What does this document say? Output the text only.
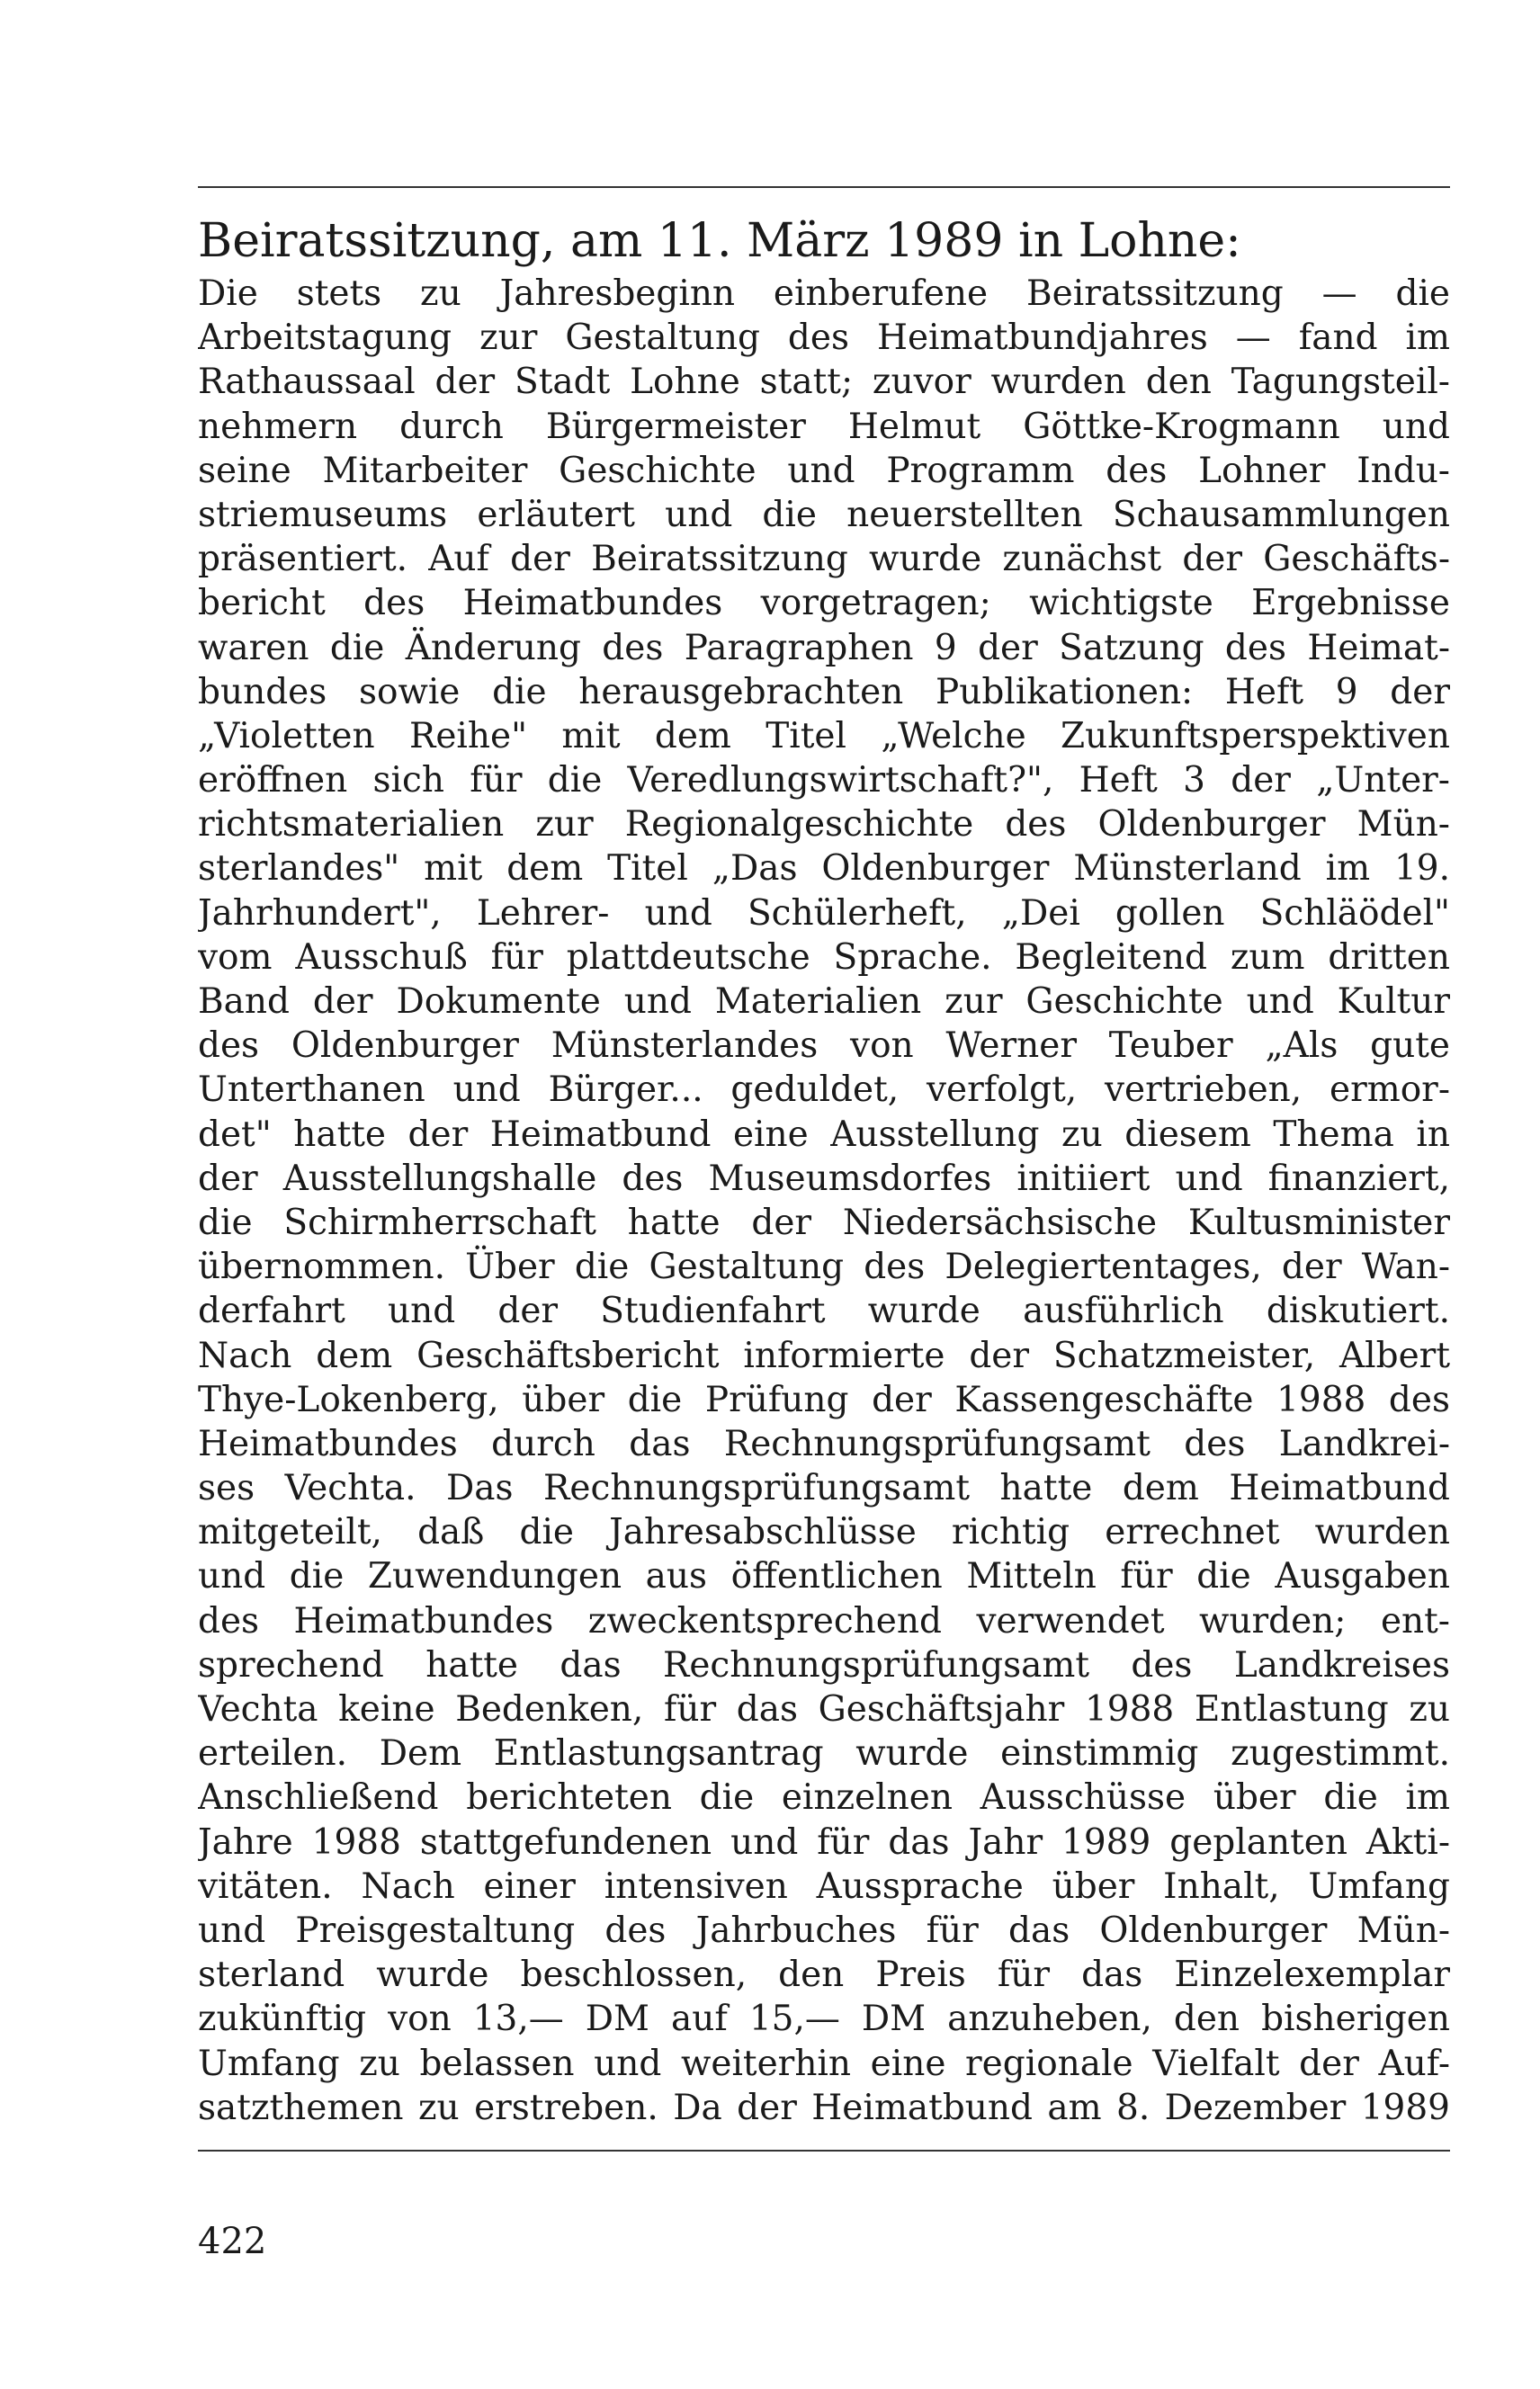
Beiratssitzung, am 11. März 1989 in Lohne:
Die stets zu Jahresbeginn einberufene Beiratssitzung — die
Arbeitstagung zur Gestaltung des Heimatbundjahres — fand im
Rathaussaal der Stadt Lohne statt; zuvor wurden den Tagungsteil-
nehmern durch Bürgermeister Helmut Göttke-Krogmann und
seine Mitarbeiter Geschichte und Programm des Lohner Indu-
striemuseums erläutert und die neuerstellten Schausammlungen
präsentiert. Auf der Beiratssitzung wurde zunächst der Geschäfts-
bericht des Heimatbundes vorgetragen; wichtigste Ergebnisse
waren die Änderung des Paragraphen 9 der Satzung des Heimat-
bundes sowie die herausgebrachten Publikationen: Heft 9 der
„Violetten Reihe" mit dem Titel „Welche Zukunftsperspektiven
eröffnen sich für die Veredlungswirtschaft?", Heft 3 der „Unter-
richtsmaterialien zur Regionalgeschichte des Oldenburger Mün-
sterlandes" mit dem Titel „Das Oldenburger Münsterland im 19.
Jahrhundert", Lehrer- und Schülerheft, „Dei gollen Schläödel"
vom Ausschuß für plattdeutsche Sprache. Begleitend zum dritten
Band der Dokumente und Materialien zur Geschichte und Kultur
des Oldenburger Münsterlandes von Werner Teuber „Als gute
Unterthanen und Bürger... geduldet, verfolgt, vertrieben, ermor-
det" hatte der Heimatbund eine Ausstellung zu diesem Thema in
der Ausstellungshalle des Museumsdorfes initiiert und finanziert,
die Schirmherrschaft hatte der Niedersächsische Kultusminister
übernommen. Über die Gestaltung des Delegiertentages, der Wan-
derfahrt und der Studienfahrt wurde ausführlich diskutiert.
Nach dem Geschäftsbericht informierte der Schatzmeister, Albert
Thye-Lokenberg, über die Prüfung der Kassengeschäfte 1988 des
Heimatbundes durch das Rechnungsprüfungsamt des Landkrei-
ses Vechta. Das Rechnungsprüfungsamt hatte dem Heimatbund
mitgeteilt, daß die Jahresabschlüsse richtig errechnet wurden
und die Zuwendungen aus öffentlichen Mitteln für die Ausgaben
des Heimatbundes zweckentsprechend verwendet wurden; ent-
sprechend hatte das Rechnungsprüfungsamt des Landkreises
Vechta keine Bedenken, für das Geschäftsjahr 1988 Entlastung zu
erteilen. Dem Entlastungsantrag wurde einstimmig zugestimmt.
Anschließend berichteten die einzelnen Ausschüsse über die im
Jahre 1988 stattgefundenen und für das Jahr 1989 geplanten Akti-
vitäten. Nach einer intensiven Aussprache über Inhalt, Umfang
und Preisgestaltung des Jahrbuches für das Oldenburger Mün-
sterland wurde beschlossen, den Preis für das Einzelexemplar
zukünftig von 13,— DM auf 15,— DM anzuheben, den bisherigen
Umfang zu belassen und weiterhin eine regionale Vielfalt der Auf-
satzthemen zu erstreben. Da der Heimatbund am 8. Dezember 1989
422
